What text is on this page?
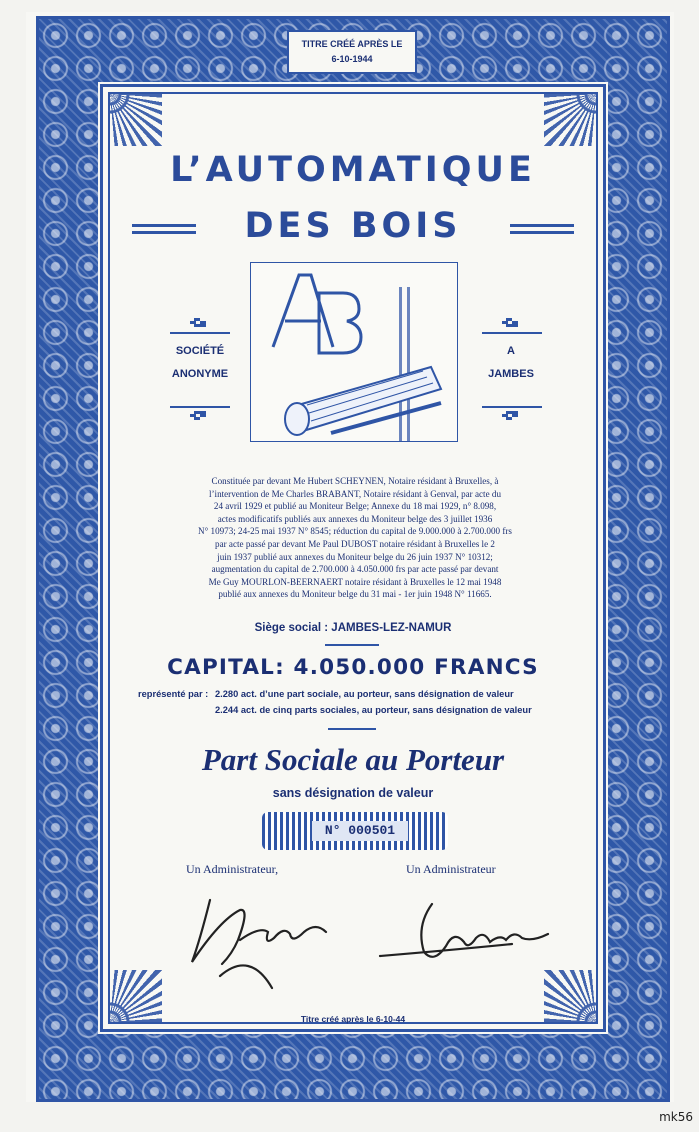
TITRE CRÉÉ APRÈS LE
6-10-1944
L’AUTOMATIQUE
DES BOIS
SOCIÉTÉ
ANONYME
A
JAMBES
Constituée par devant Me Hubert SCHEYNEN, Notaire résidant à Bruxelles, à
l’intervention de Me Charles BRABANT, Notaire résidant à Genval, par acte du
24 avril 1929 et publié au Moniteur Belge; Annexe du 18 mai 1929, n° 8.098,
actes modificatifs publiés aux annexes du Moniteur belge des 3 juillet 1936
N° 10973; 24-25 mai 1937 N° 8545; réduction du capital de 9.000.000 à 2.700.000 frs
par acte passé par devant Me Paul DUBOST notaire résidant à Bruxelles le 2
juin 1937 publié aux annexes du Moniteur belge du 26 juin 1937 N° 10312;
augmentation du capital de 2.700.000 à 4.050.000 frs par acte passé par devant
Me Guy MOURLON-BEERNAERT notaire résidant à Bruxelles le 12 mai 1948
publié aux annexes du Moniteur belge du 31 mai - 1er juin 1948 N° 11665.
Siège social : JAMBES-LEZ-NAMUR
CAPITAL: 4.050.000 FRANCS
représenté par : 2.280 act. d’une part sociale, au porteur, sans désignation de valeur
2.244 act. de cinq parts sociales, au porteur, sans désignation de valeur
Part Sociale au Porteur
sans désignation de valeur
N° 000501
Un Administrateur,	Un Administrateur
Titre créé après le 6-10-44
mk56
